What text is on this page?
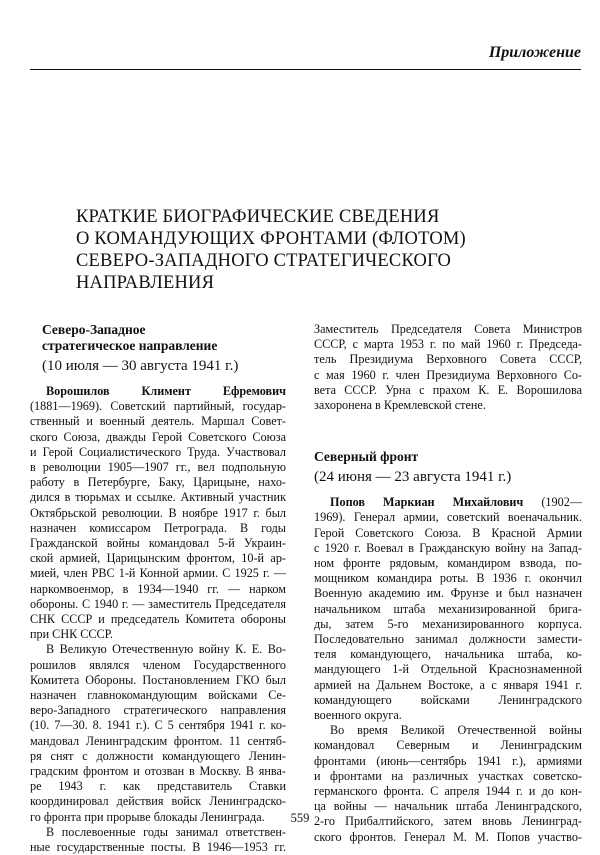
Приложение
КРАТКИЕ БИОГРАФИЧЕСКИЕ СВЕДЕНИЯ
О КОМАНДУЮЩИХ ФРОНТАМИ (ФЛОТОМ)
СЕВЕРО-ЗАПАДНОГО СТРАТЕГИЧЕСКОГО
НАПРАВЛЕНИЯ
Северо-Западное
стратегическое направление
(10 июля — 30 августа 1941 г.)

Ворошилов Климент Ефремович

(1881—1969). Советский партийный, государ-

ственный и военный деятель. Маршал Совет-

ского Союза, дважды Герой Советского Союза

и Герой Социалистического Труда. Участвовал

в революции 1905—1907 гг., вел подпольную

работу в Петербурге, Баку, Царицыне, нахо-

дился в тюрьмах и ссылке. Активный участник

Октябрьской революции. В ноябре 1917 г. был

назначен комиссаром Петрограда. В годы

Гражданской войны командовал 5-й Украин-

ской армией, Царицынским фронтом, 10-й ар-

мией, член РВС 1-й Конной армии. С 1925 г. —

наркомвоенмор, в 1934—1940 гг. — нарком

обороны. С 1940 г. — заместитель Председателя

СНК СССР и председатель Комитета обороны

при СНК СССР.

В Великую Отечественную войну К. Е. Во-

рошилов являлся членом Государственного

Комитета Обороны. Постановлением ГКО был

назначен главнокомандующим войсками Се-

веро-Западного стратегического направления

(10. 7—30. 8. 1941 г.). С 5 сентября 1941 г. ко-

мандовал Ленинградским фронтом. 11 сентяб-

ря снят с должности командующего Ленин-

градским фронтом и отозван в Москву. В янва-

ре 1943 г. как представитель Ставки

координировал действия войск Ленинградско-

го фронта при прорыве блокады Ленинграда.

В послевоенные годы занимал ответствен-

ные государственные посты. В 1946—1953 гг.

Заместитель Председателя Совета Министров

СССР, с марта 1953 г. по май 1960 г. Председа-

тель Президиума Верховного Совета СССР,

с мая 1960 г. член Президиума Верховного Со-

вета СССР. Урна с прахом К. Е. Ворошилова

захоронена в Кремлевской стене.

Северный фронт
(24 июня — 23 августа 1941 г.)

Попов Маркиан Михайлович (1902—

1969). Генерал армии, советский военачальник.

Герой Советского Союза. В Красной Армии

с 1920 г. Воевал в Гражданскую войну на Запад-

ном фронте рядовым, командиром взвода, по-

мощником командира роты. В 1936 г. окончил

Военную академию им. Фрунзе и был назначен

начальником штаба механизированной брига-

ды, затем 5-го механизированного корпуса.

Последовательно занимал должности замести-

теля командующего, начальника штаба, ко-

мандующего 1-й Отдельной Краснознаменной

армией на Дальнем Востоке, а с января 1941 г.

командующего войсками Ленинградского

военного округа.

Во время Великой Отечественной войны

командовал Северным и Ленинградским

фронтами (июнь—сентябрь 1941 г.), армиями

и фронтами на различных участках советско-

германского фронта. С апреля 1944 г. и до кон-

ца войны — начальник штаба Ленинградского,

2-го Прибалтийского, затем вновь Ленинград-

ского фронтов. Генерал М. М. Попов участво-

559
